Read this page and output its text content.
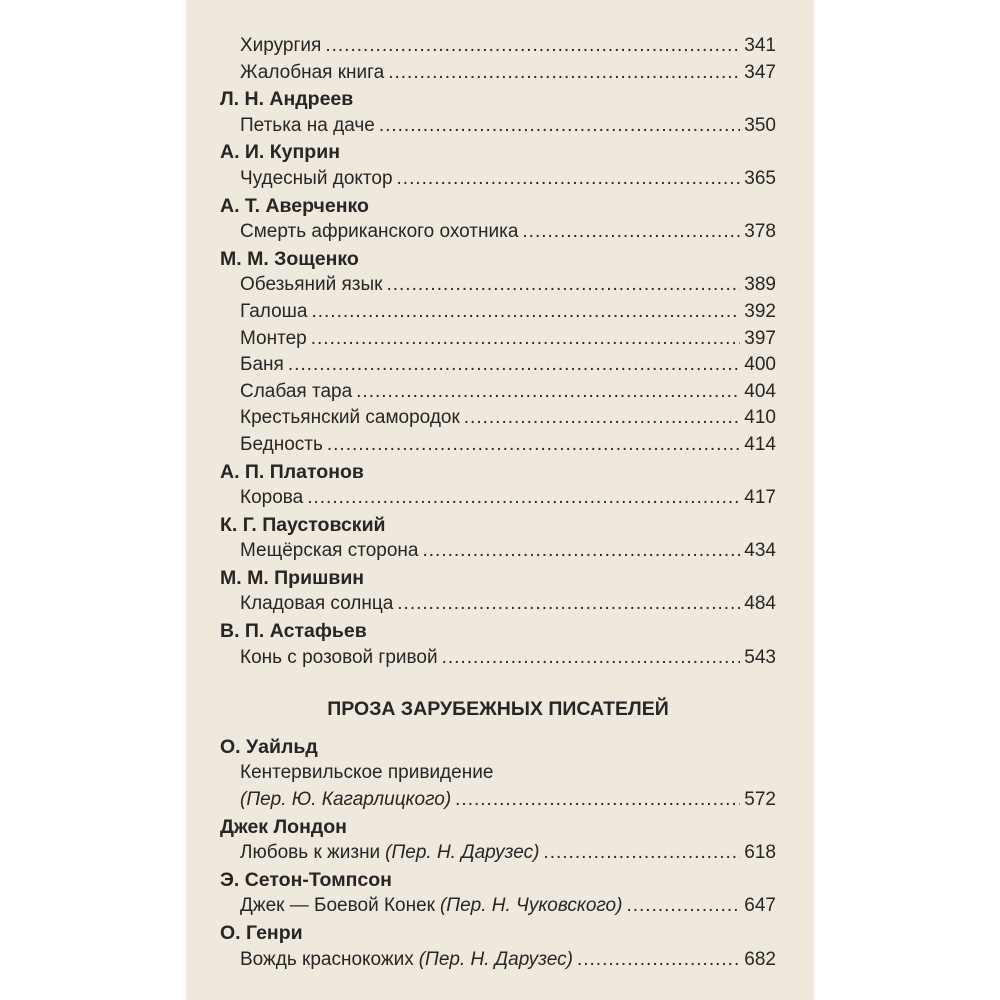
Хирургия .....	341
Жалобная книга .....	347
Л. Н. Андреев
Петька на даче .....	350
А. И. Куприн
Чудесный доктор .....	365
А. Т. Аверченко
Смерть африканского охотника .....	378
М. М. Зощенко
Обезьяний язык .....	389
Галоша .....	392
Монтер .....	397
Баня .....	400
Слабая тара .....	404
Крестьянский самородок .....	410
Бедность .....	414
А. П. Платонов
Корова .....	417
К. Г. Паустовский
Мещёрская сторона .....	434
М. М. Пришвин
Кладовая солнца .....	484
В. П. Астафьев
Конь с розовой гривой .....	543
ПРОЗА ЗАРУБЕЖНЫХ ПИСАТЕЛЕЙ
О. Уайльд
Кентервильское привидение
(Пер. Ю. Кагарлицкого) .....	572
Джек Лондон
Любовь к жизни (Пер. Н. Дарузес) .....	618
Э. Сетон-Томпсон
Джек — Боевой Конек (Пер. Н. Чуковского) .....	647
О. Генри
Вождь краснокожих (Пер. Н. Дарузес) .....	682
